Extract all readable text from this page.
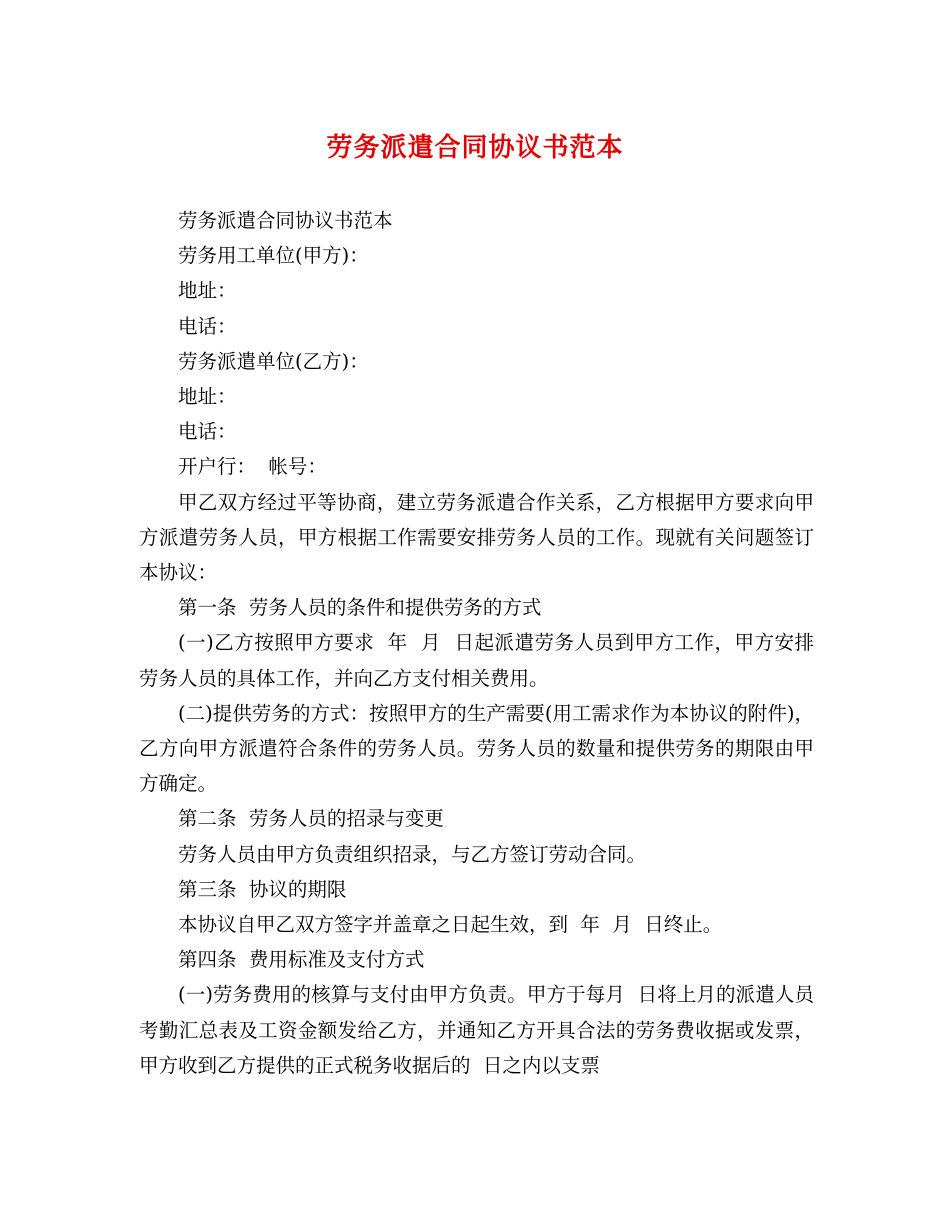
劳务派遣合同协议书范本

劳务派遣合同协议书范本

劳务用工单位(甲方)：

地址：

电话：

劳务派遣单位(乙方)：

地址：

电话：

开户行：  帐号：

甲乙双方经过平等协商，建立劳务派遣合作关系，乙方根据甲方要求向甲方派遣劳务人员，甲方根据工作需要安排劳务人员的工作。现就有关问题签订本协议：

第一条  劳务人员的条件和提供劳务的方式

(一)乙方按照甲方要求  年  月  日起派遣劳务人员到甲方工作，甲方安排劳务人员的具体工作，并向乙方支付相关费用。

(二)提供劳务的方式：按照甲方的生产需要(用工需求作为本协议的附件)，乙方向甲方派遣符合条件的劳务人员。劳务人员的数量和提供劳务的期限由甲方确定。

第二条  劳务人员的招录与变更

劳务人员由甲方负责组织招录，与乙方签订劳动合同。

第三条  协议的期限

本协议自甲乙双方签字并盖章之日起生效，到  年  月  日终止。

第四条  费用标准及支付方式

(一)劳务费用的核算与支付由甲方负责。甲方于每月  日将上月的派遣人员考勤汇总表及工资金额发给乙方，并通知乙方开具合法的劳务费收据或发票，甲方收到乙方提供的正式税务收据后的  日之内以支票
